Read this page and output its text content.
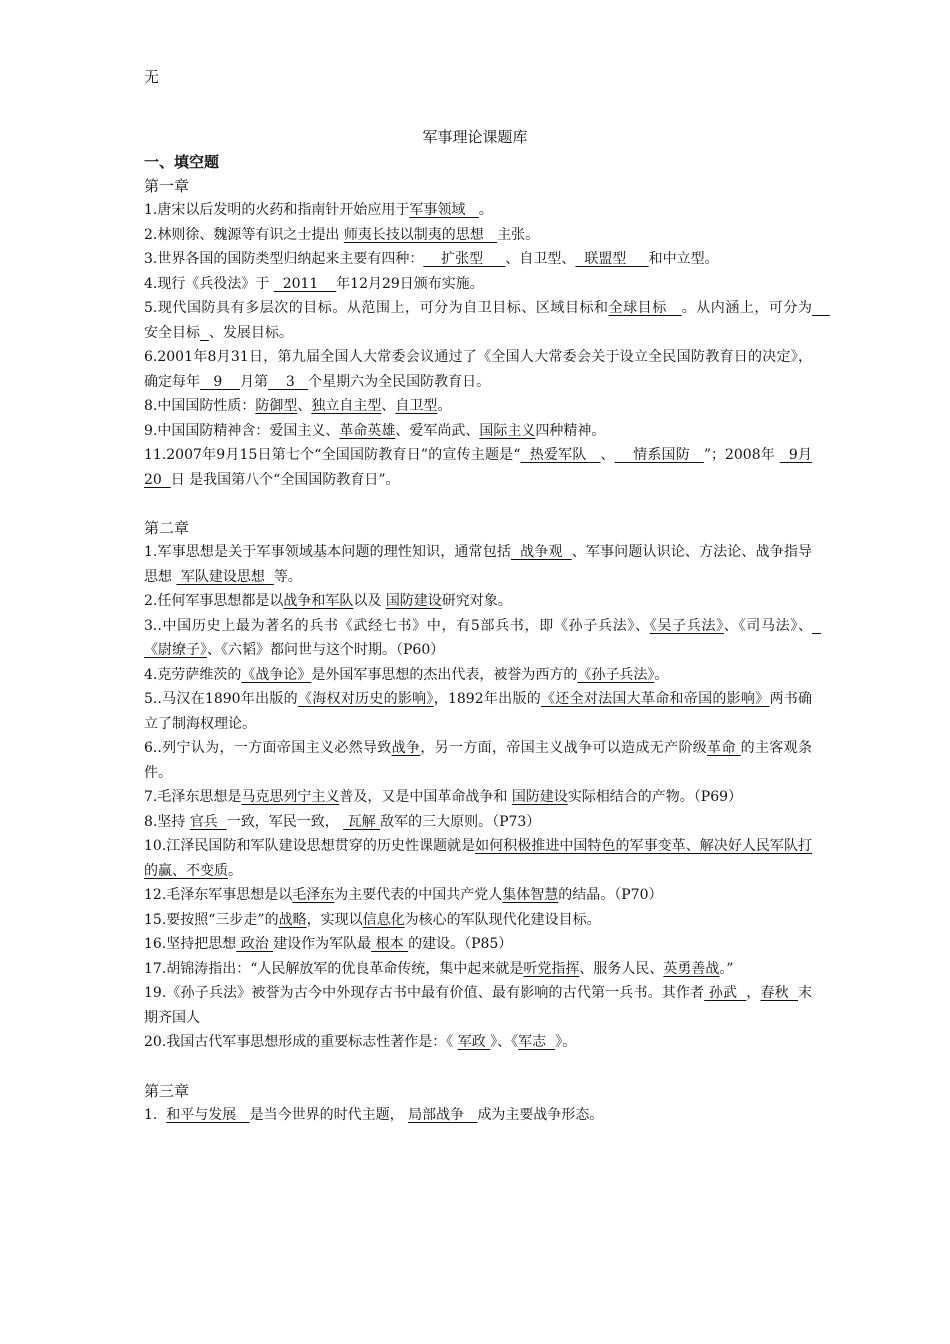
无
军事理论课题库

一、填空题

第一章

1.唐宋以后发明的火药和指南针开始应用于军事领域   。

2.林则徐、魏源等有识之士提出 师夷长技以制夷的思想   主张。

3.世界各国的国防类型归纳起来主要有四种：    扩张型     、自卫型、  联盟型     和中立型。

4.现行《兵役法》于   2011    年12月29日颁布实施。

5.现代国防具有多层次的目标。从范围上，可分为自卫目标、区域目标和全球目标   。从内涵上，可分为    安全目标 、发展目标。

6.2001年8月31日，第九届全国人大常委会议通过了《全国人大常委会关于设立全民国防教育日的决定》，确定每年   9    月第    3   个星期六为全民国防教育日。

8.中国国防性质：防御型、独立自主型、自卫型。

9.中国国防精神含：爱国主义、革命英雄、爱军尚武、国际主义四种精神。

11.2007年9月15日第七个“全国国防教育日”的宣传主题是“  热爱军队   、    情系国防   ”；2008年   9月20  日 是我国第八个“全国国防教育日”。

第二章

1.军事思想是关于军事领域基本问题的理性知识，通常包括  战争观  、军事问题认识论、方法论、战争指导思想  军队建设思想  等。

2.任何军事思想都是以战争和军队以及 国防建设研究对象。

3..中国历史上最为著名的兵书《武经七书》中，有5部兵书，即《孙子兵法》、《吴子兵法》、《司马法》、  《尉缭子》、《六韬》都问世与这个时期。（P60）

4.克劳萨维茨的《战争论》是外国军事思想的杰出代表，被誉为西方的《孙子兵法》。

5..马汉在1890年出版的《海权对历史的影响》，1892年出版的《还全对法国大革命和帝国的影响》两书确立了制海权理论。

6..列宁认为，一方面帝国主义必然导致战争，另一方面，帝国主义战争可以造成无产阶级革命 的主客观条件。

7.毛泽东思想是马克思列宁主义普及，又是中国革命战争和 国防建设实际相结合的产物。（P69）

8.坚持 官兵  一致，军民一致，  瓦解 敌军的三大原则。（P73）

10.江泽民国防和军队建设思想贯穿的历史性课题就是如何积极推进中国特色的军事变革、解决好人民军队打的赢、不变质。

12.毛泽东军事思想是以毛泽东为主要代表的中国共产党人集体智慧的结晶。（P70）

15.要按照“三步走”的战略，实现以信息化为核心的军队现代化建设目标。

16.坚持把思想 政治 建设作为军队最 根本 的建设。（P85）

17.胡锦涛指出：“人民解放军的优良革命传统，集中起来就是听党指挥、服务人民、英勇善战。”

19.《孙子兵法》被誉为古今中外现存古书中最有价值、最有影响的古代第一兵书。其作者 孙武  ，春秋  末期齐国人

20.我国古代军事思想形成的重要标志性著作是：《 军政 》、《军志  》。

第三章

1.  和平与发展   是当今世界的时代主题， 局部战争   成为主要战争形态。
